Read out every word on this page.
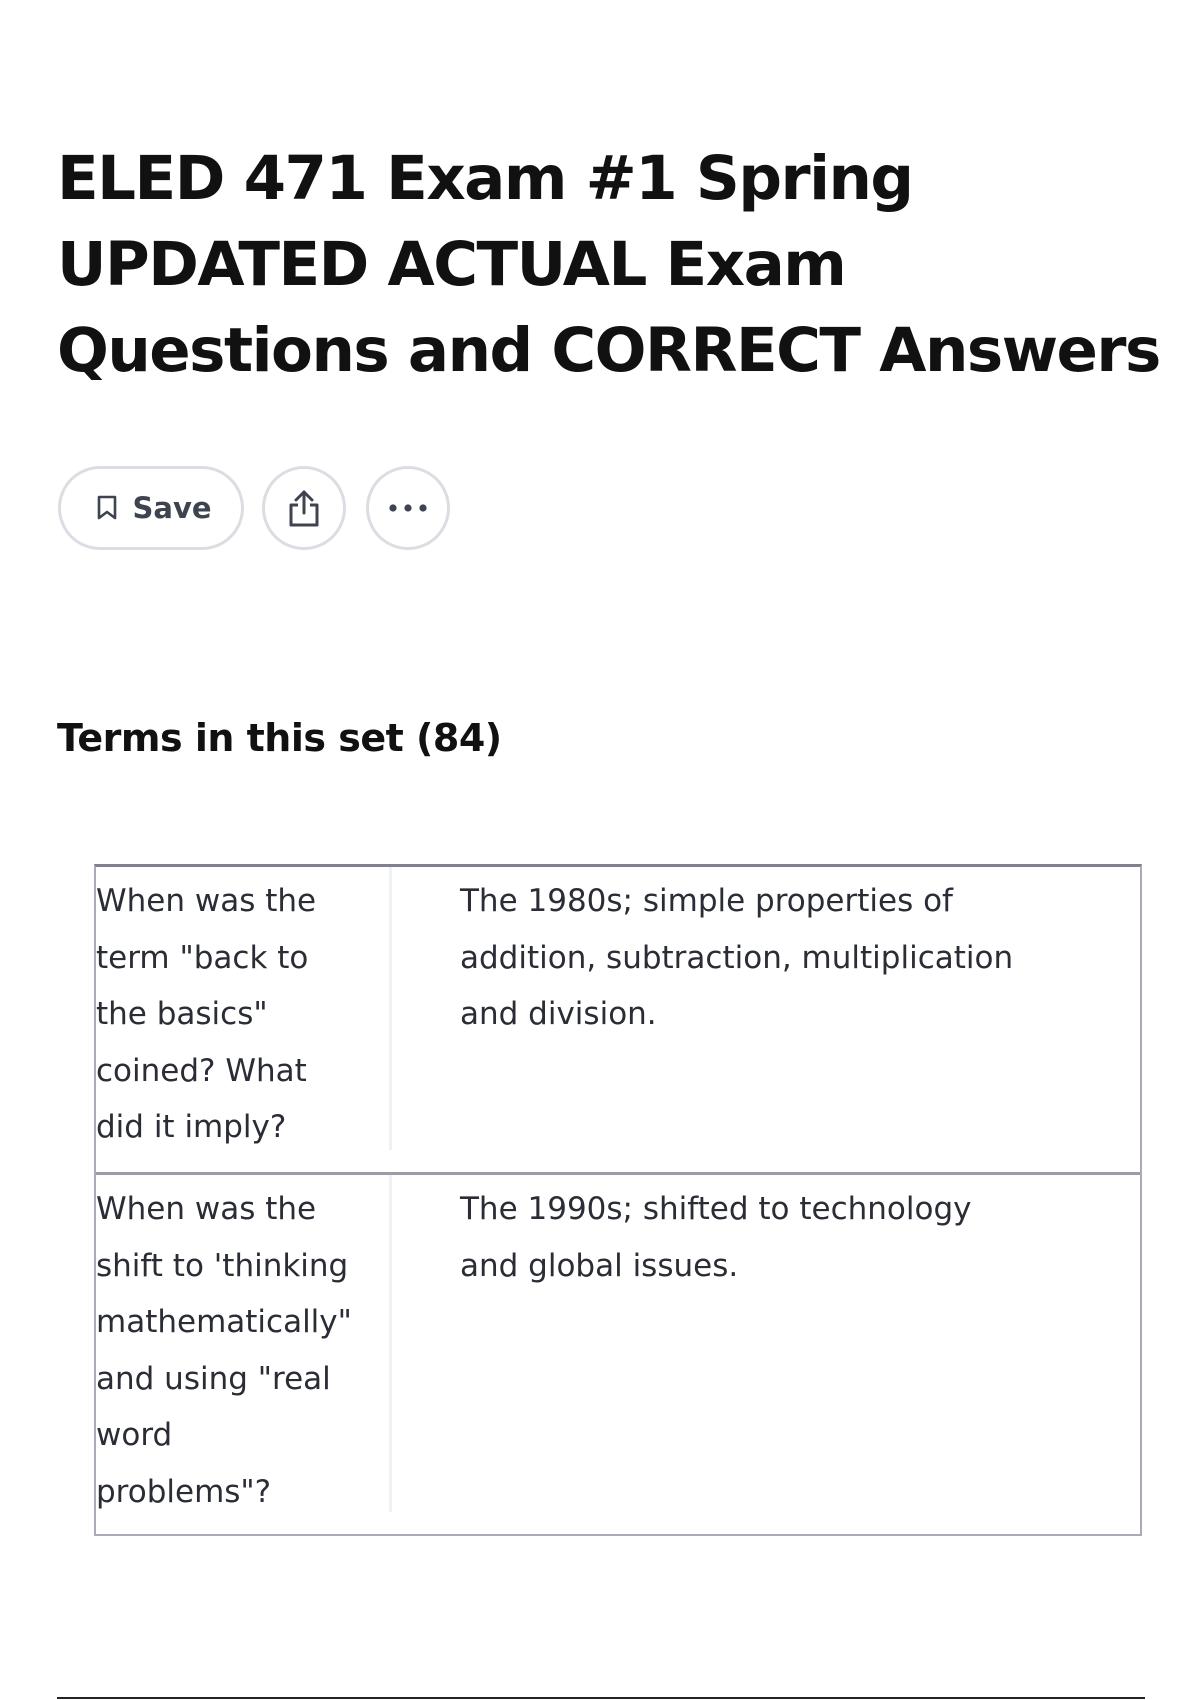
ELED 471 Exam #1 Spring
UPDATED ACTUAL Exam
Questions and CORRECT Answers
Save
Terms in this set (84)
When was the
term "back to
the basics"
coined? What
did it imply?
The 1980s; simple properties of
addition, subtraction, multiplication
and division.
When was the
shift to 'thinking
mathematically"
and using "real
word
problems"?
The 1990s; shifted to technology
and global issues.
